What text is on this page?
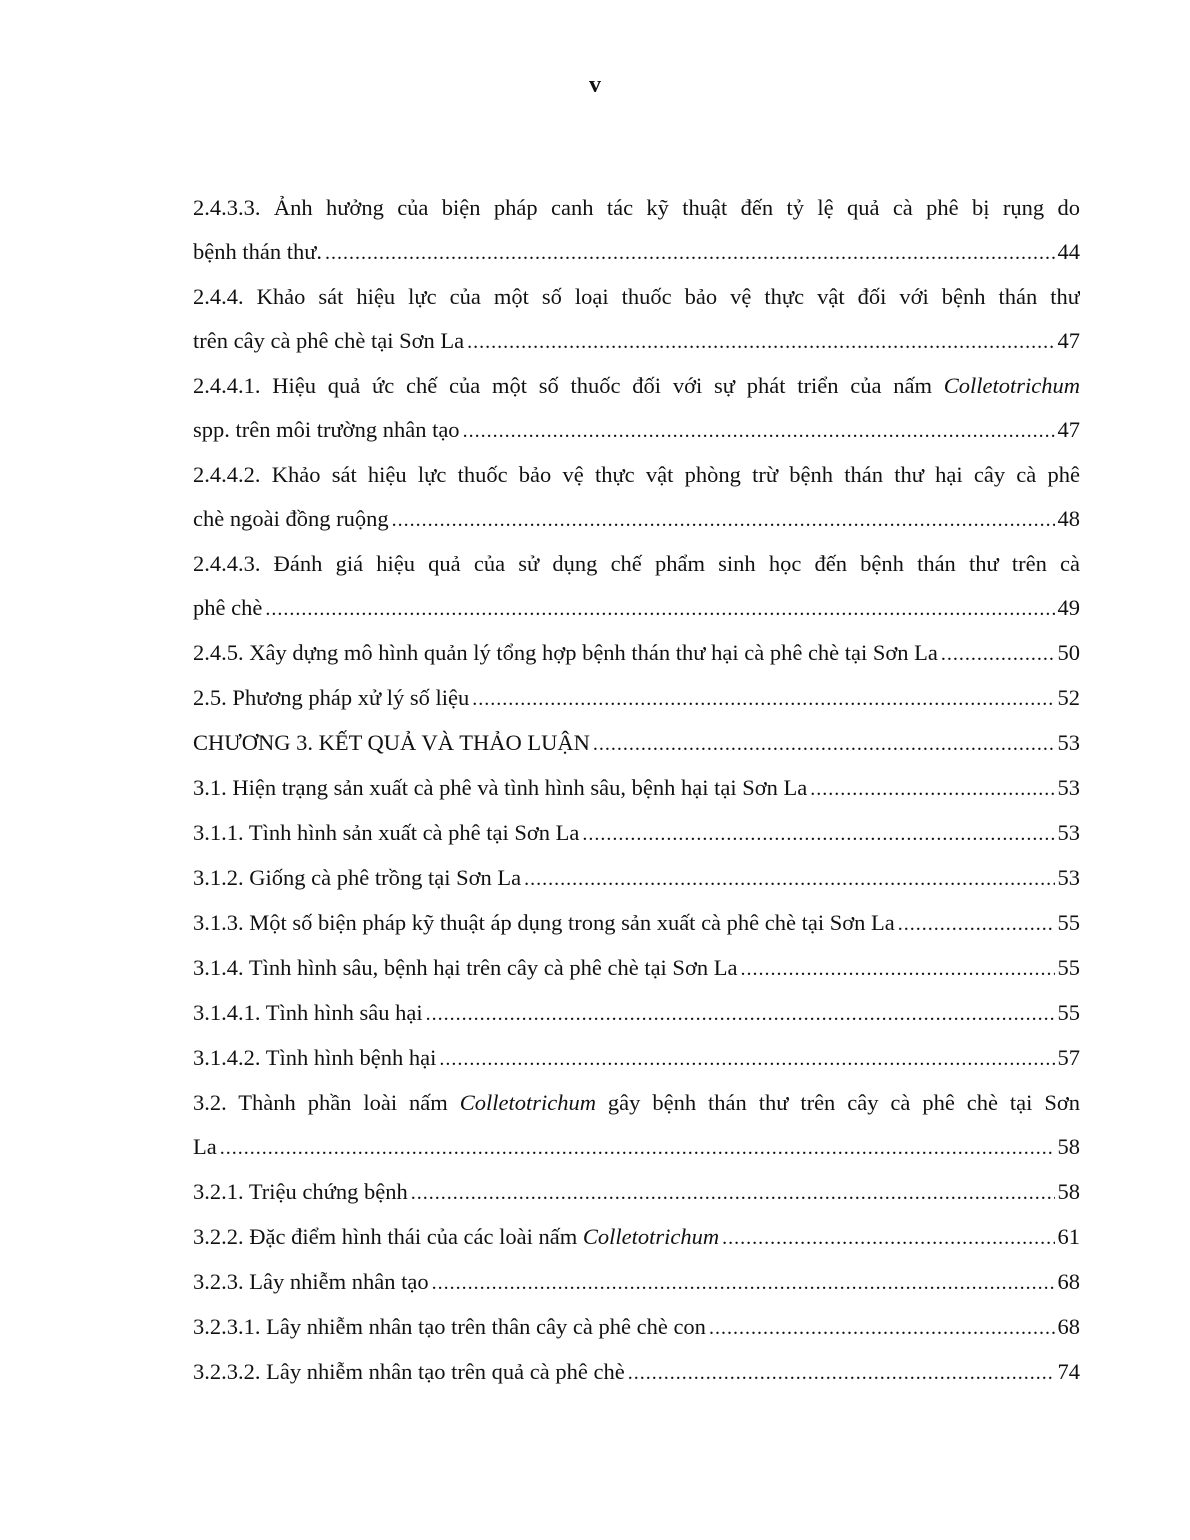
v
2.4.3.3. Ảnh hưởng của biện pháp canh tác kỹ thuật đến tỷ lệ quả cà phê bị rụng do
bệnh thán thư. .....	44
2.4.4. Khảo sát hiệu lực của một số loại thuốc bảo vệ thực vật đối với bệnh thán thư
trên cây cà phê chè tại Sơn La .....	47
2.4.4.1. Hiệu quả ức chế của một số thuốc đối với sự phát triển của nấm Colletotrichum
spp. trên môi trường nhân tạo .....	47
2.4.4.2. Khảo sát hiệu lực thuốc bảo vệ thực vật phòng trừ bệnh thán thư hại cây cà phê
chè ngoài đồng ruộng .....	48
2.4.4.3. Đánh giá hiệu quả của sử dụng chế phẩm sinh học đến bệnh thán thư trên cà
phê chè .....	49
2.4.5. Xây dựng mô hình quản lý tổng hợp bệnh thán thư hại cà phê chè tại Sơn La .....	50
2.5. Phương pháp xử lý số liệu .....	52
CHƯƠNG 3. KẾT QUẢ VÀ THẢO LUẬN .....	53
3.1. Hiện trạng sản xuất cà phê và tình hình sâu, bệnh hại tại Sơn La .....	53
3.1.1. Tình hình sản xuất cà phê tại Sơn La .....	53
3.1.2. Giống cà phê trồng tại Sơn La .....	53
3.1.3. Một số biện pháp kỹ thuật áp dụng trong sản xuất cà phê chè tại Sơn La .....	55
3.1.4. Tình hình sâu, bệnh hại trên cây cà phê chè tại Sơn La .....	55
3.1.4.1. Tình hình sâu hại .....	55
3.1.4.2. Tình hình bệnh hại .....	57
3.2. Thành phần loài nấm Colletotrichum gây bệnh thán thư trên cây cà phê chè tại Sơn
La .....	58
3.2.1. Triệu chứng bệnh .....	58
3.2.2. Đặc điểm hình thái của các loài nấm Colletotrichum .....	61
3.2.3. Lây nhiễm nhân tạo .....	68
3.2.3.1. Lây nhiễm nhân tạo trên thân cây cà phê chè con .....	68
3.2.3.2. Lây nhiễm nhân tạo trên quả cà phê chè .....	74
